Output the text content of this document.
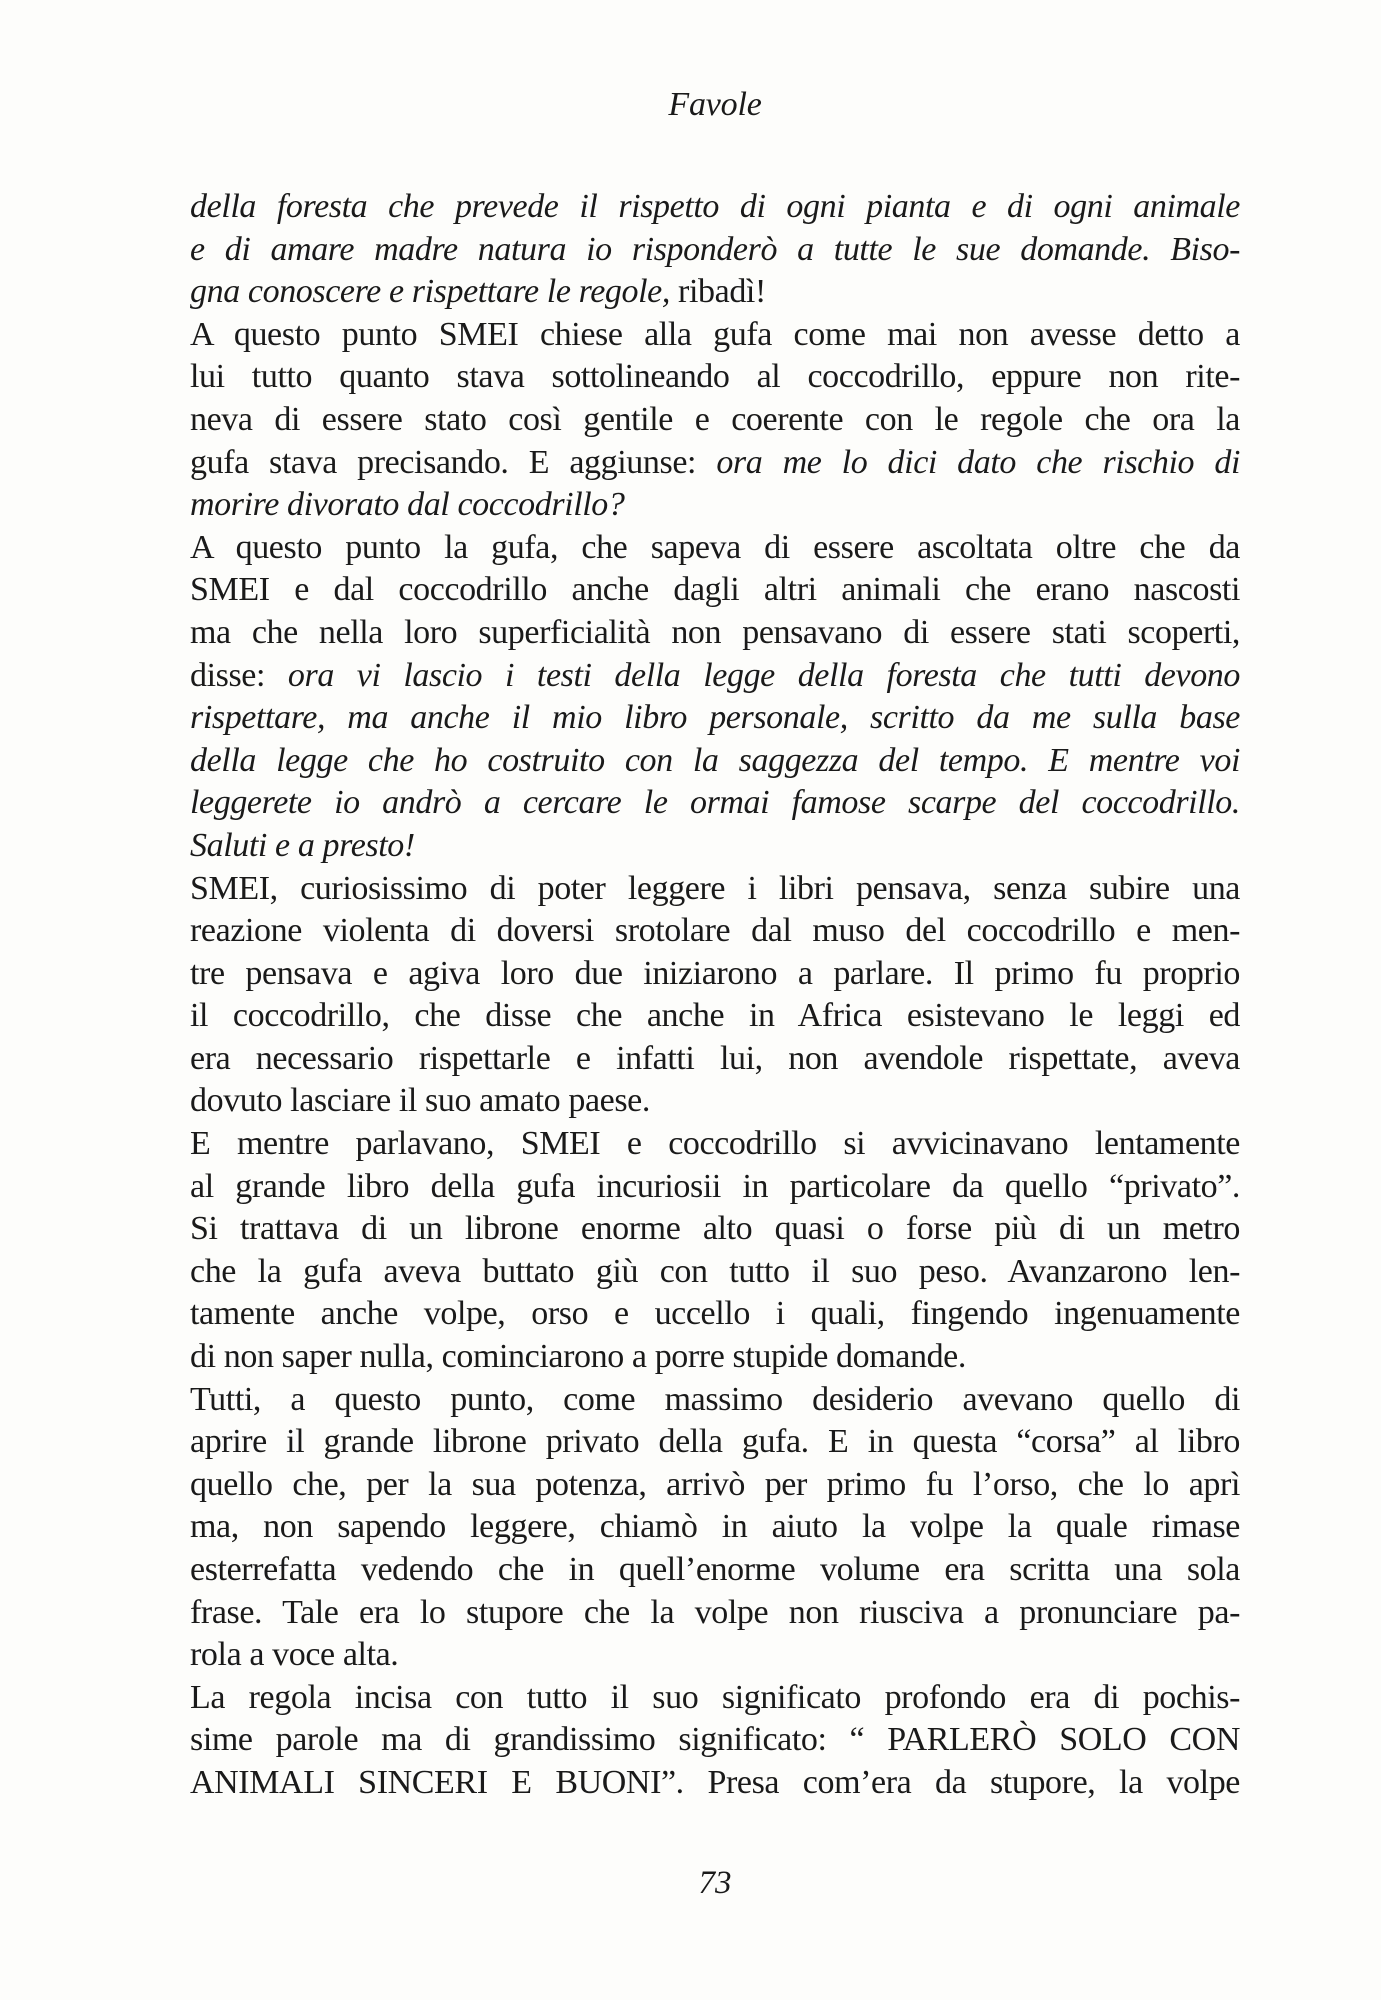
Favole
della foresta che prevede il rispetto di ogni pianta e di ogni animale
e di amare madre natura io risponderò a tutte le sue domande. Biso-
gna conoscere e rispettare le regole, ribadì!
A questo punto SMEI chiese alla gufa come mai non avesse detto a
lui tutto quanto stava sottolineando al coccodrillo, eppure non rite-
neva di essere stato così gentile e coerente con le regole che ora la
gufa stava precisando. E aggiunse: ora me lo dici dato che rischio di
morire divorato dal coccodrillo?
A questo punto la gufa, che sapeva di essere ascoltata oltre che da
SMEI e dal coccodrillo anche dagli altri animali che erano nascosti
ma che nella loro superficialità non pensavano di essere stati scoperti,
disse: ora vi lascio i testi della legge della foresta che tutti devono
rispettare, ma anche il mio libro personale, scritto da me sulla base
della legge che ho costruito con la saggezza del tempo. E mentre voi
leggerete io andrò a cercare le ormai famose scarpe del coccodrillo.
Saluti e a presto!
SMEI, curiosissimo di poter leggere i libri pensava, senza subire una
reazione violenta di doversi srotolare dal muso del coccodrillo e men-
tre pensava e agiva loro due iniziarono a parlare. Il primo fu proprio
il coccodrillo, che disse che anche in Africa esistevano le leggi ed
era necessario rispettarle e infatti lui, non avendole rispettate, aveva
dovuto lasciare il suo amato paese.
E mentre parlavano, SMEI e coccodrillo si avvicinavano lentamente
al grande libro della gufa incuriosii in particolare da quello “privato”.
Si trattava di un librone enorme alto quasi o forse più di un metro
che la gufa aveva buttato giù con tutto il suo peso. Avanzarono len-
tamente anche volpe, orso e uccello i quali, fingendo ingenuamente
di non saper nulla, cominciarono a porre stupide domande.
Tutti, a questo punto, come massimo desiderio avevano quello di
aprire il grande librone privato della gufa. E in questa “corsa” al libro
quello che, per la sua potenza, arrivò per primo fu l’orso, che lo aprì
ma, non sapendo leggere, chiamò in aiuto la volpe la quale rimase
esterrefatta vedendo che in quell’enorme volume era scritta una sola
frase. Tale era lo stupore che la volpe non riusciva a pronunciare pa-
rola a voce alta.
La regola incisa con tutto il suo significato profondo era di pochis-
sime parole ma di grandissimo significato: “ PARLERÒ SOLO CON
ANIMALI SINCERI E BUONI”. Presa com’era da stupore, la volpe
73
